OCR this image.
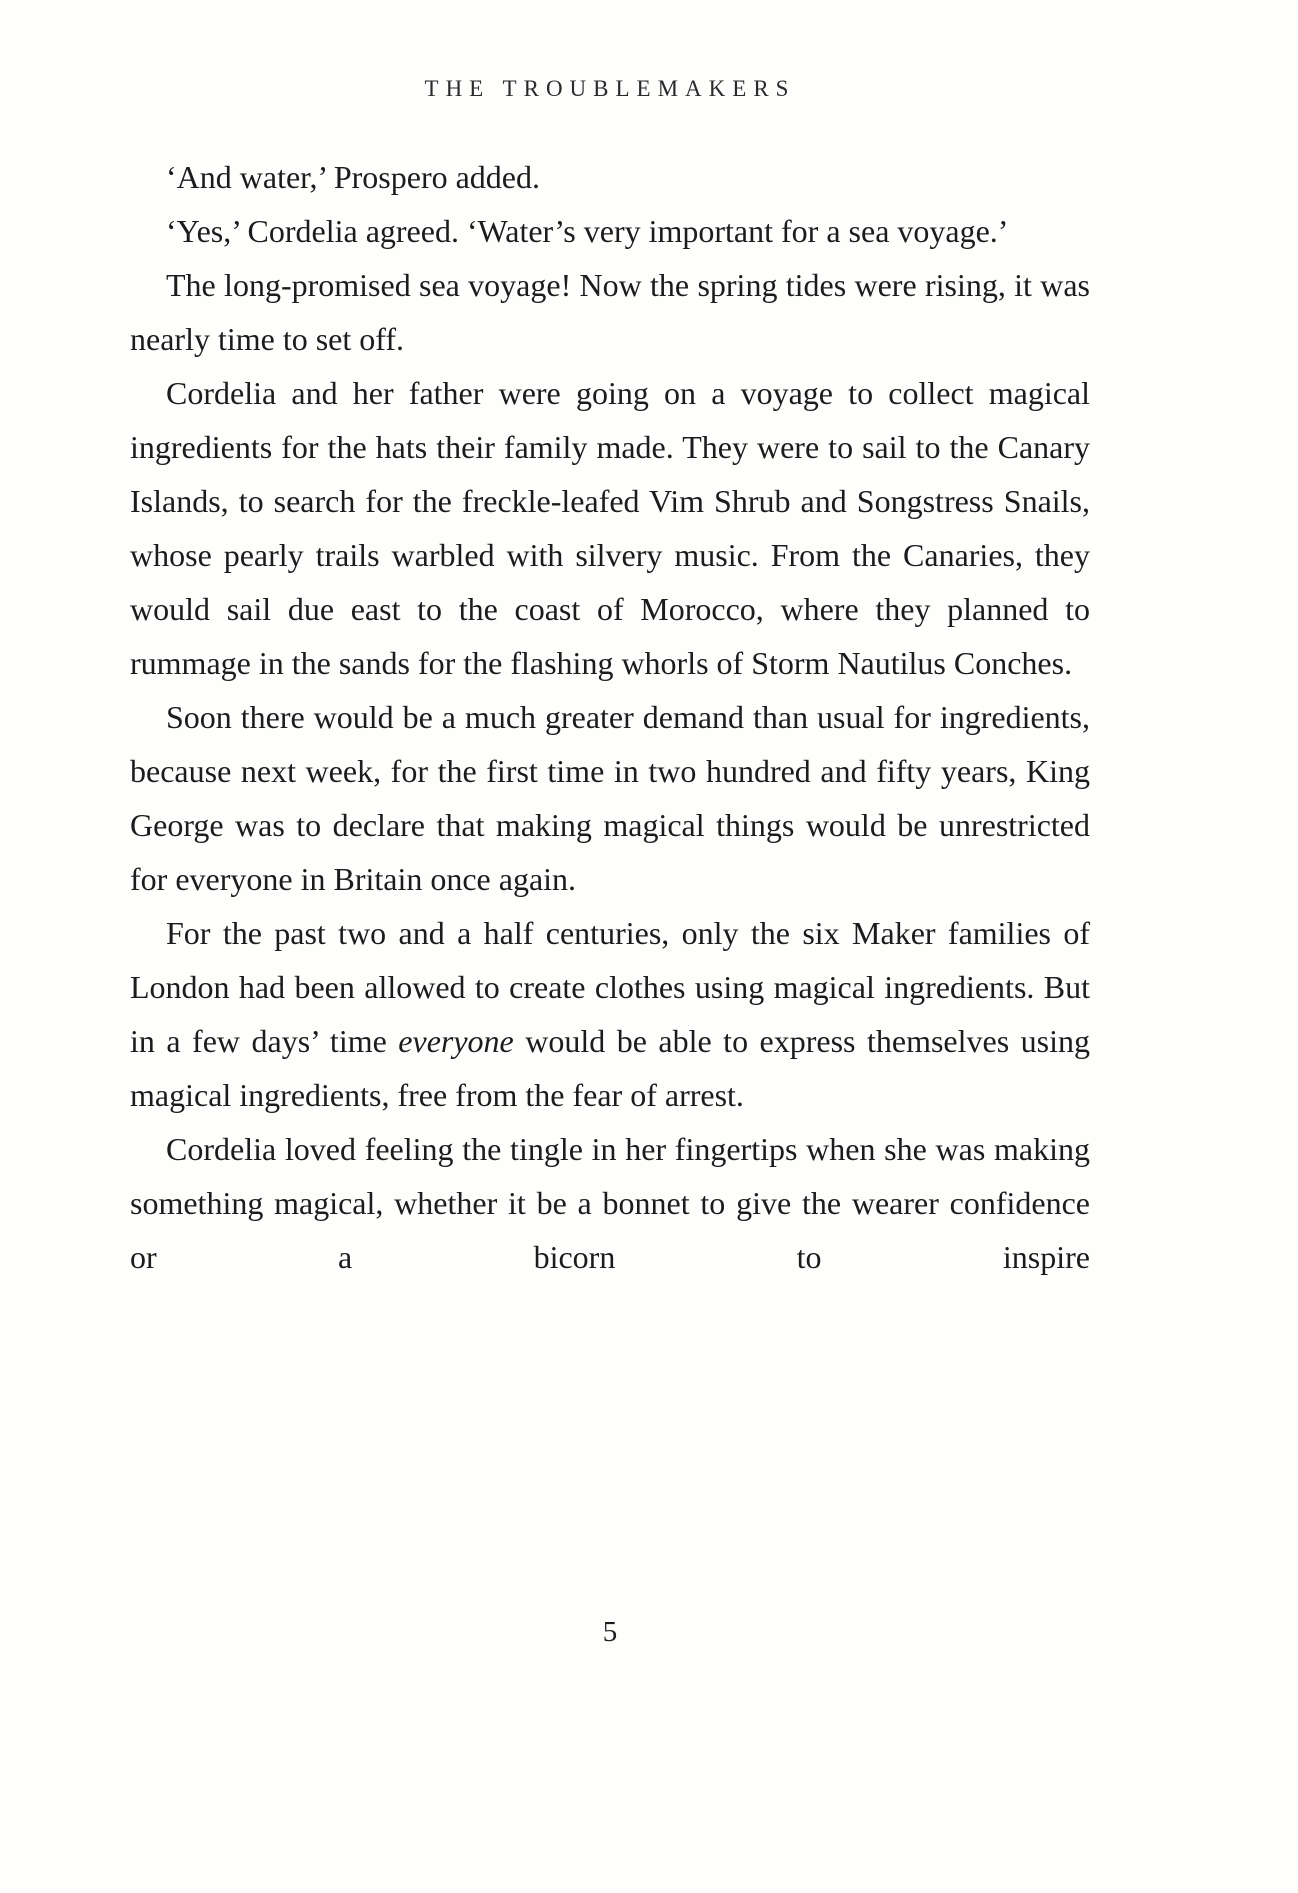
THE TROUBLEMAKERS

‘And water,’ Prospero added.

‘Yes,’ Cordelia agreed. ‘Water’s very important for a sea voyage.’

The long-promised sea voyage! Now the spring tides were rising, it was nearly time to set off.

Cordelia and her father were going on a voyage to collect magical ingredients for the hats their family made. They were to sail to the Canary Islands, to search for the freckle-leafed Vim Shrub and Songstress Snails, whose pearly trails warbled with silvery music. From the Canaries, they would sail due east to the coast of Morocco, where they planned to rummage in the sands for the flashing whorls of Storm Nautilus Conches.

Soon there would be a much greater demand than usual for ingredients, because next week, for the first time in two hundred and fifty years, King George was to declare that making magical things would be unrestricted for everyone in Britain once again.

For the past two and a half centuries, only the six Maker families of London had been allowed to create clothes using magical ingredients. But in a few days’ time everyone would be able to express themselves using magical ingredients, free from the fear of arrest.

Cordelia loved feeling the tingle in her fingertips when she was making something magical, whether it be a bonnet to give the wearer confidence or a bicorn to inspire

5
